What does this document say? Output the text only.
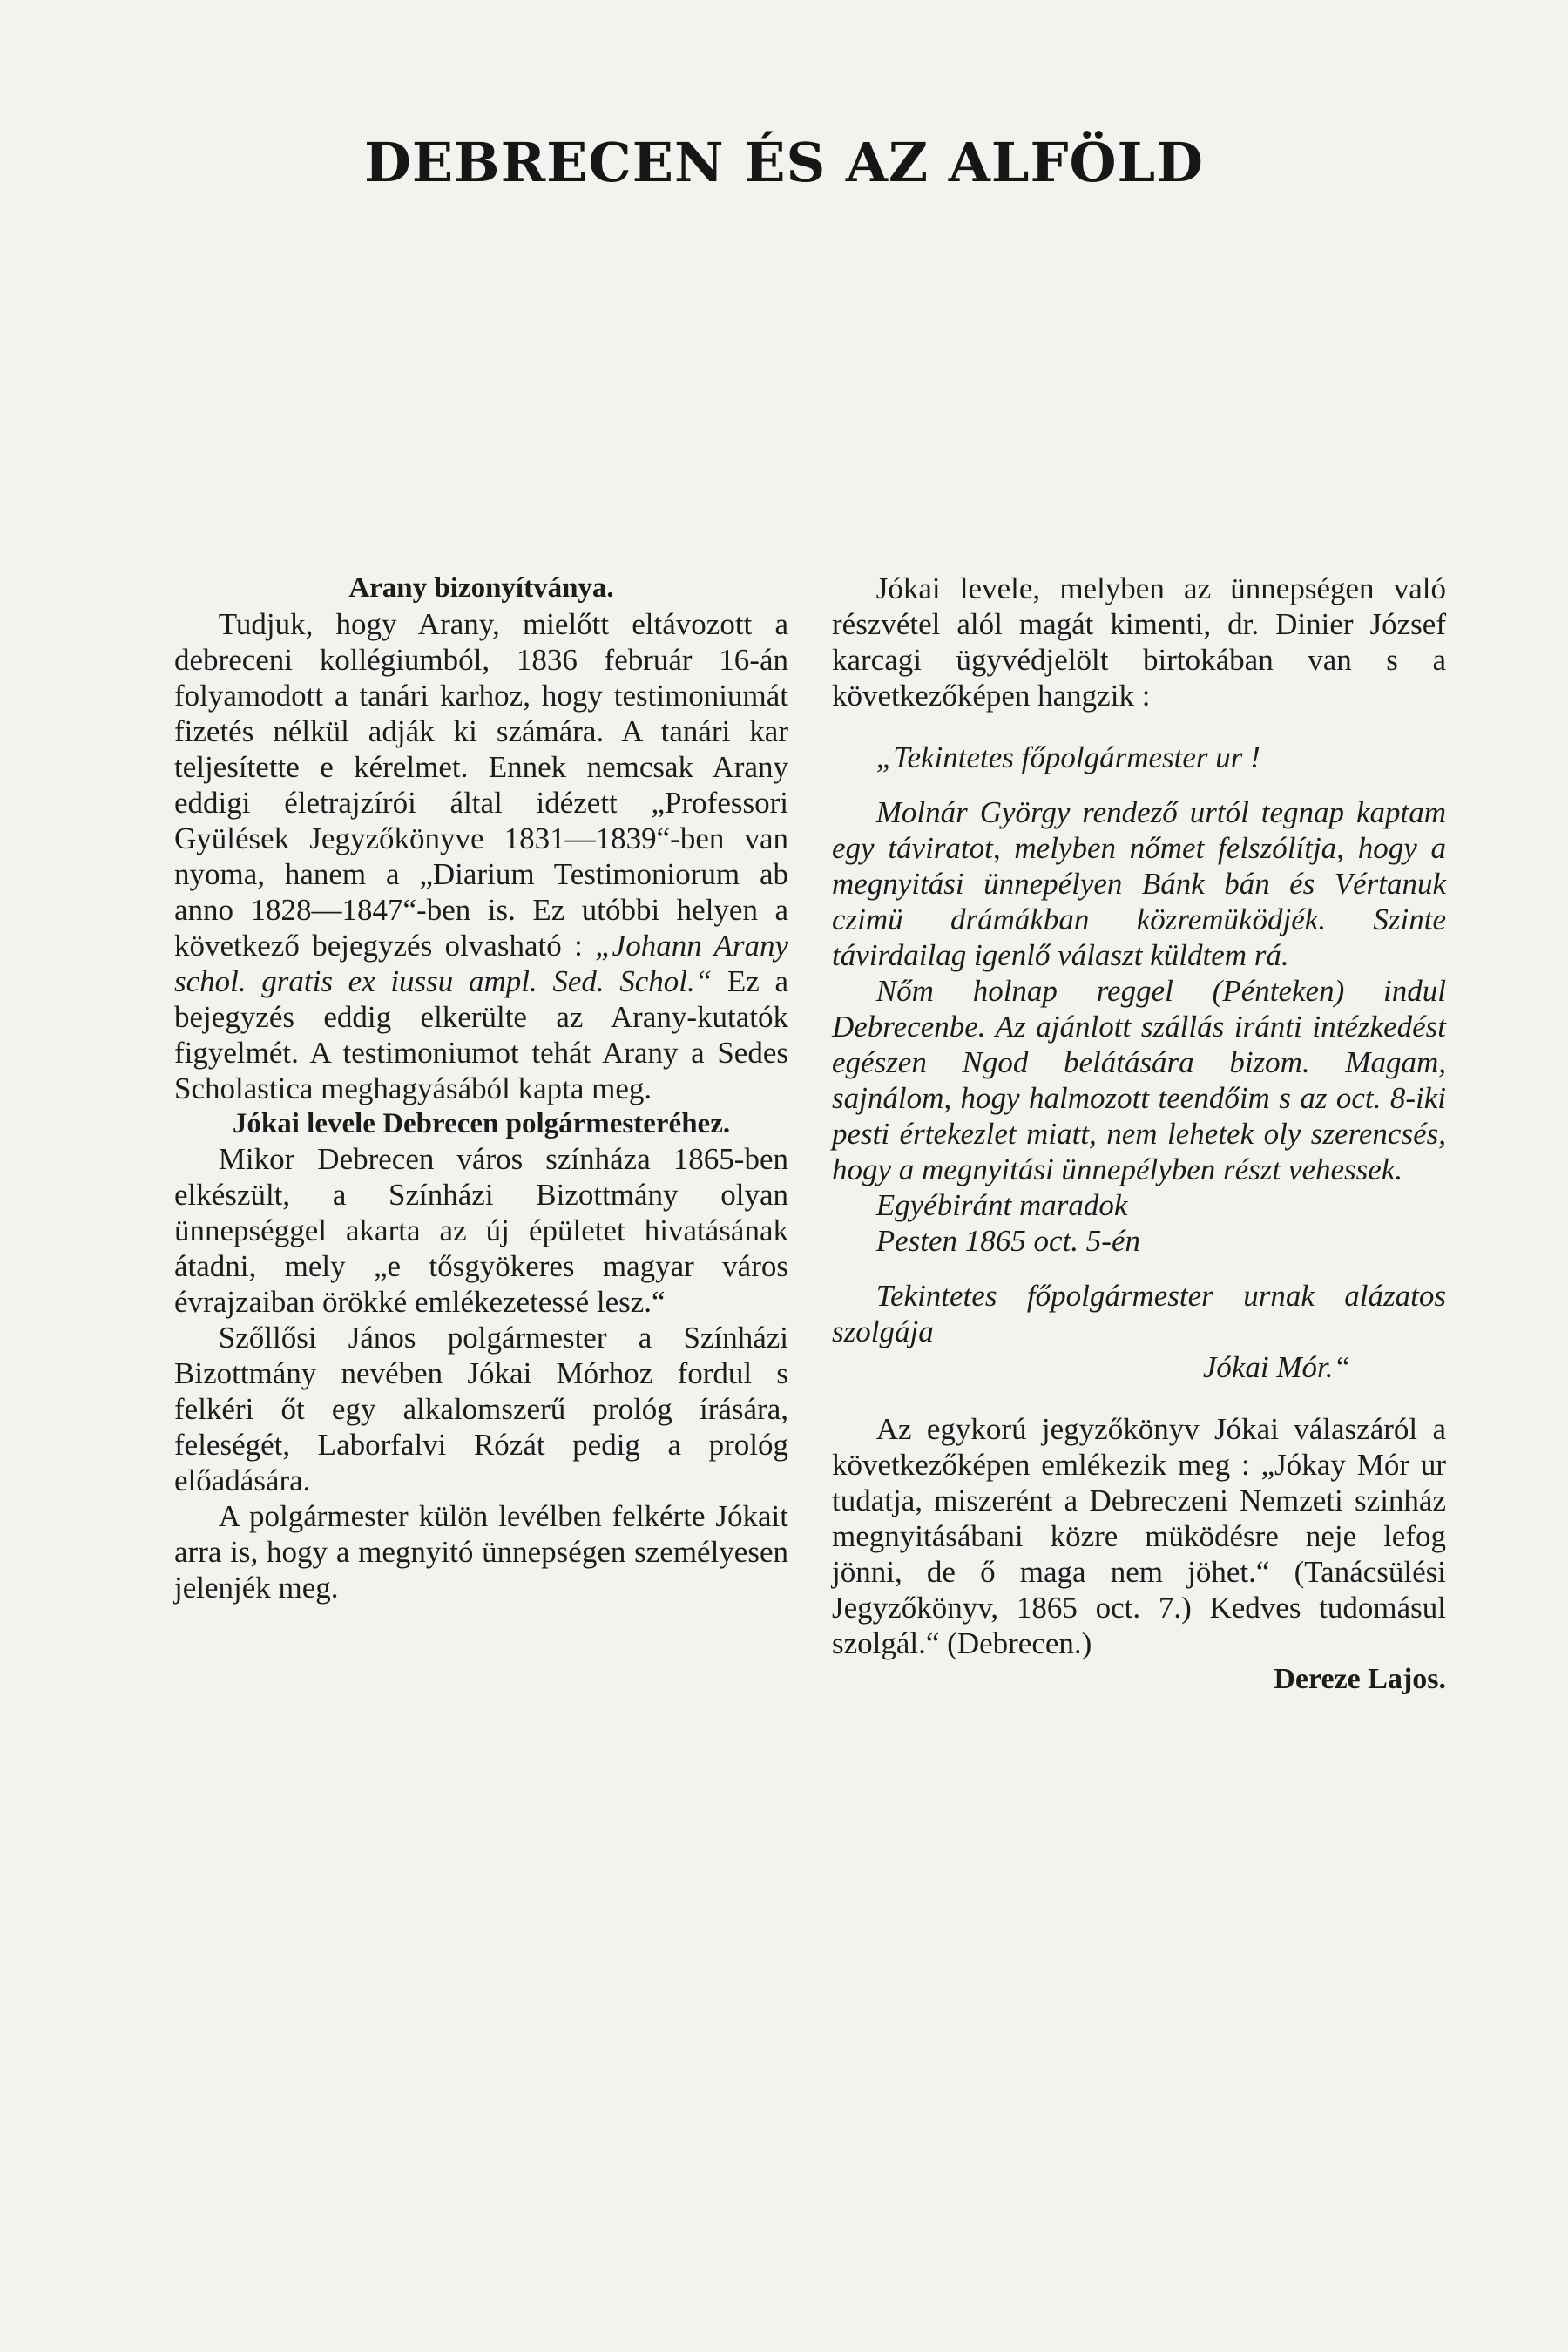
DEBRECEN ÉS AZ ALFÖLD

Arany bizonyítványa.

Tudjuk, hogy Arany, mielőtt eltávozott a debreceni kollégiumból, 1836 február 16-án folyamodott a tanári karhoz, hogy testimoniumát fizetés nélkül adják ki számára. A tanári kar teljesítette e kérelmet. Ennek nemcsak Arany eddigi életrajzírói által idézett „Professori Gyülések Jegyzőkönyve 1831—1839“-ben van nyoma, hanem a „Diarium Testimoniorum ab anno 1828—1847“-ben is. Ez utóbbi helyen a következő bejegyzés olvasható : „Johann Arany schol. gratis ex iussu ampl. Sed. Schol.“ Ez a bejegyzés eddig elkerülte az Arany-kutatók figyelmét. A testimoniumot tehát Arany a Sedes Scholastica meghagyásából kapta meg.

Jókai levele Debrecen polgármesteréhez.

Mikor Debrecen város színháza 1865-ben elkészült, a Színházi Bizottmány olyan ünnepséggel akarta az új épületet hivatásának átadni, mely „e tősgyökeres magyar város évrajzaiban örökké emlékezetessé lesz.“

Szőllősi János polgármester a Színházi Bizottmány nevében Jókai Mórhoz fordul s felkéri őt egy alkalomszerű prológ írására, feleségét, Laborfalvi Rózát pedig a prológ előadására.

A polgármester külön levélben felkérte Jókait arra is, hogy a megnyitó ünnepségen személyesen jelenjék meg.

Jókai levele, melyben az ünnepségen való részvétel alól magát kimenti, dr. Dinier József karcagi ügyvédjelölt birtokában van s a következőképen hangzik :

„Tekintetes főpolgármester ur !

Molnár György rendező urtól tegnap kaptam egy táviratot, melyben nőmet felszólítja, hogy a megnyitási ünnepélyen Bánk bán és Vértanuk czimü drámákban közremüködjék. Szinte távirdailag igenlő választ küldtem rá.

Nőm holnap reggel (Pénteken) indul Debrecenbe. Az ajánlott szállás iránti intézkedést egészen Ngod belátására bizom. Magam, sajnálom, hogy halmozott teendőim s az oct. 8-iki pesti értekezlet miatt, nem lehetek oly szerencsés, hogy a megnyitási ünnepélyben részt vehessek.

Egyébiránt maradok

Pesten 1865 oct. 5-én

Tekintetes főpolgármester urnak alázatos szolgája

Jókai Mór.“

Az egykorú jegyzőkönyv Jókai válaszáról a következőképen emlékezik meg : „Jókay Mór ur tudatja, miszerént a Debreczeni Nemzeti szinház megnyitásábani közre müködésre neje lefog jönni, de ő maga nem jöhet.“ (Tanácsülési Jegyzőkönyv, 1865 oct. 7.) Kedves tudomásul szolgál.“ (Debrecen.)

Dereze Lajos.
